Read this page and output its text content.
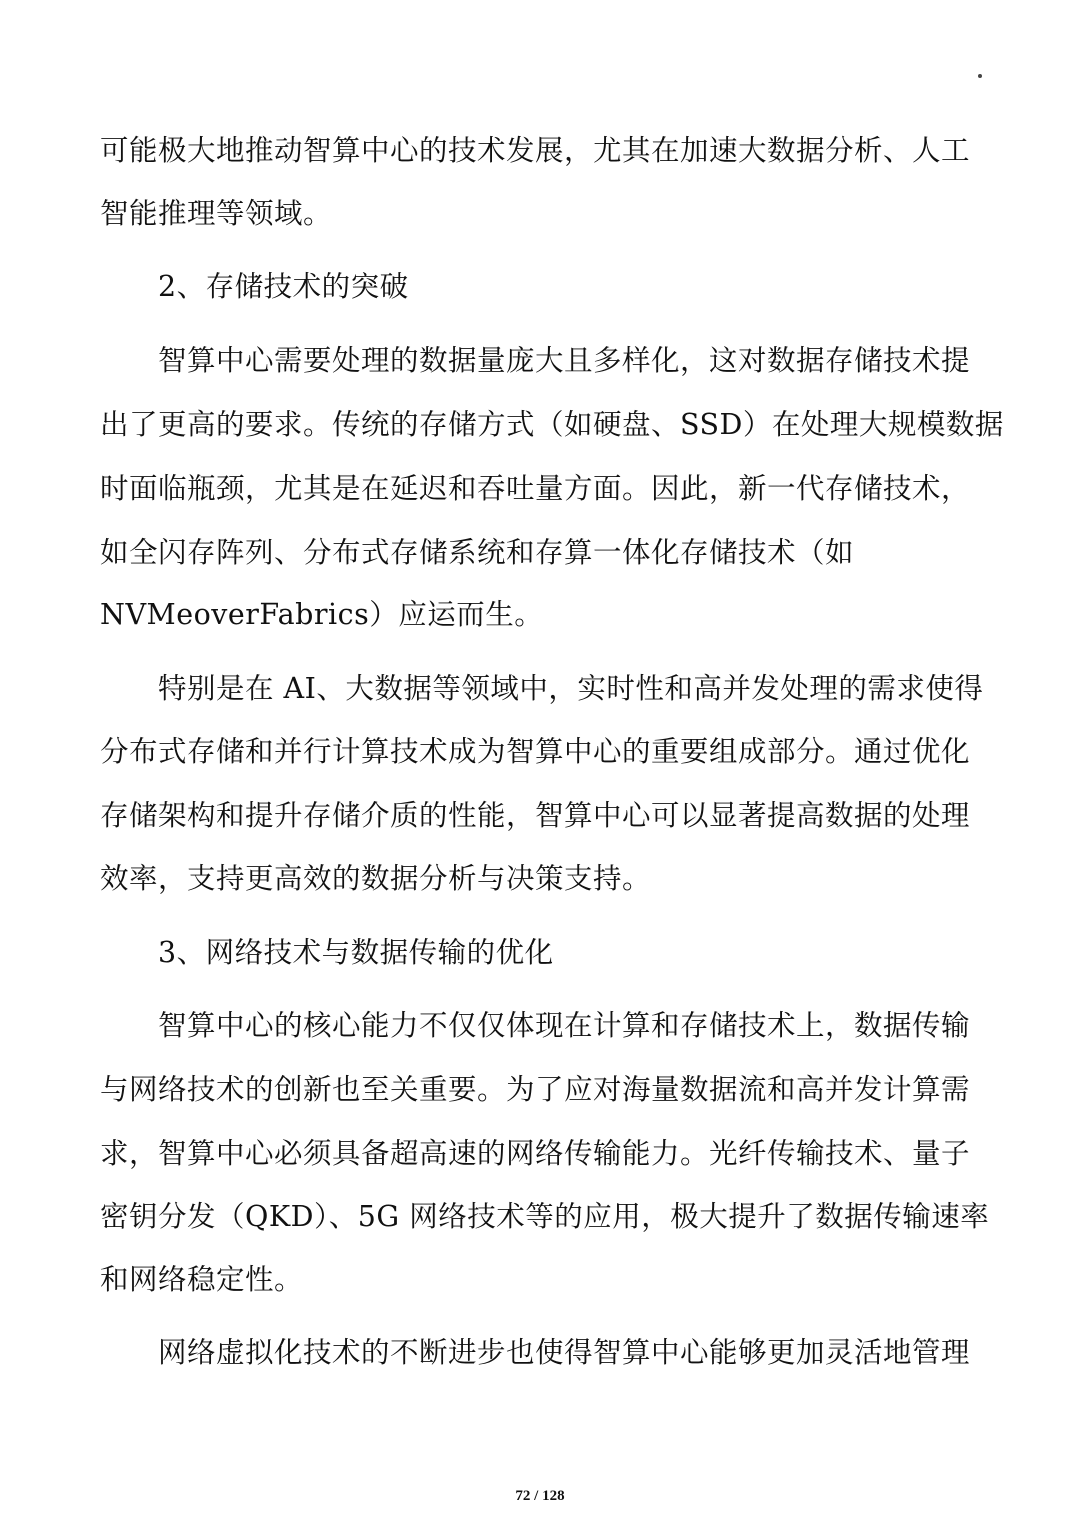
可能极大地推动智算中心的技术发展，尤其在加速大数据分析、人工
智能推理等领域。
2、存储技术的突破
智算中心需要处理的数据量庞大且多样化，这对数据存储技术提
出了更高的要求。传统的存储方式（如硬盘、SSD）在处理大规模数据
时面临瓶颈，尤其是在延迟和吞吐量方面。因此，新一代存储技术，
如全闪存阵列、分布式存储系统和存算一体化存储技术（如
NVMeoverFabrics）应运而生。
特别是在 AI、大数据等领域中，实时性和高并发处理的需求使得
分布式存储和并行计算技术成为智算中心的重要组成部分。通过优化
存储架构和提升存储介质的性能，智算中心可以显著提高数据的处理
效率，支持更高效的数据分析与决策支持。
3、网络技术与数据传输的优化
智算中心的核心能力不仅仅体现在计算和存储技术上，数据传输
与网络技术的创新也至关重要。为了应对海量数据流和高并发计算需
求，智算中心必须具备超高速的网络传输能力。光纤传输技术、量子
密钥分发（QKD）、5G 网络技术等的应用，极大提升了数据传输速率
和网络稳定性。
网络虚拟化技术的不断进步也使得智算中心能够更加灵活地管理
72 / 128
